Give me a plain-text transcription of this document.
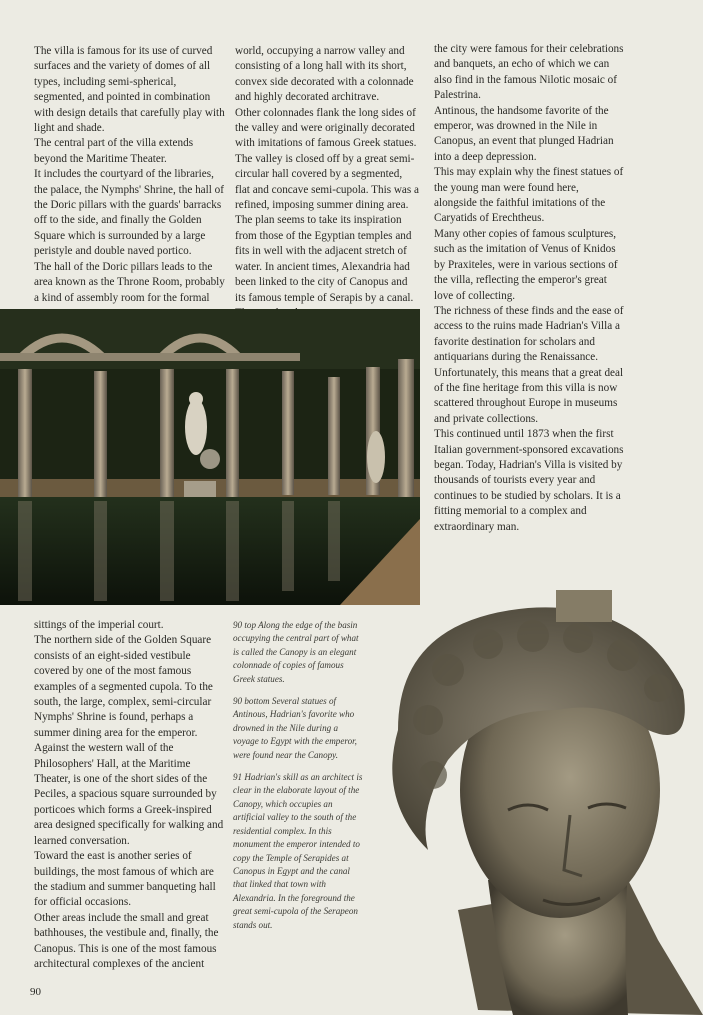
The villa is famous for its use of curved surfaces and the variety of domes of all types, including semi-spherical, segmented, and pointed in combination with design details that carefully play with light and shade.

The central part of the villa extends beyond the Maritime Theater.

It includes the courtyard of the libraries, the palace, the Nymphs' Shrine, the hall of the Doric pillars with the guards' barracks off to the side, and finally the Golden Square which is surrounded by a large peristyle and double naved portico.

The hall of the Doric pillars leads to the area known as the Throne Room, probably a kind of assembly room for the formal

world, occupying a narrow valley and consisting of a long hall with its short, convex side decorated with a colonnade and highly decorated architrave.

Other colonnades flank the long sides of the valley and were originally decorated with imitations of famous Greek statues. The valley is closed off by a great semi-circular hall covered by a segmented, flat and concave semi-cupola. This was a refined, imposing summer dining area.

The plan seems to take its inspiration from those of the Egyptian temples and fits in well with the adjacent stretch of water. In ancient times, Alexandria had been linked to the city of Canopus and its famous temple of Serapis by a canal.

the city were famous for their celebrations and banquets, an echo of which we can also find in the famous Nilotic mosaic of Palestrina.

Antinous, the handsome favorite of the emperor, was drowned in the Nile in Canopus, an event that plunged Hadrian into a deep depression.

This may explain why the finest statues of the young man were found here, alongside the faithful imitations of the Caryatids of Erechtheus.

Many other copies of famous sculptures, such as the imitation of Venus of Knidos by Praxiteles, were in various sections of the villa, reflecting the emperor's great love of collecting.

The richness of these finds and the ease of access to the ruins made Hadrian's Villa a favorite destination for scholars and antiquarians during the Renaissance. Unfortunately, this means that a great deal of the fine heritage from this villa is now scattered throughout Europe in museums and private collections.

This continued until 1873 when the first Italian government-sponsored excavations began. Today, Hadrian's Villa is visited by thousands of tourists every year and continues to be studied by scholars. It is a fitting memorial to a complex and extraordinary man.

sittings of the imperial court.

The northern side of the Golden Square consists of an eight-sided vestibule covered by one of the most famous examples of a segmented cupola. To the south, the large, complex, semi-circular Nymphs' Shrine is found, perhaps a summer dining area for the emperor.

Against the western wall of the Philosophers' Hall, at the Maritime Theater, is one of the short sides of the Peciles, a spacious square surrounded by porticoes which forms a Greek-inspired area designed specifically for walking and learned conversation.

Toward the east is another series of buildings, the most famous of which are the stadium and summer banqueting hall for official occasions.

Other areas include the small and great bathhouses, the vestibule and, finally, the Canopus. This is one of the most famous architectural complexes of the ancient

90 top Along the edge of the basin occupying the central part of what is called the Canopy is an elegant colonnade of copies of famous Greek statues.

90 bottom Several statues of Antinous, Hadrian's favorite who drowned in the Nile during a voyage to Egypt with the emperor, were found near the Canopy.

91 Hadrian's skill as an architect is clear in the elaborate layout of the Canopy, which occupies an artificial valley to the south of the residential complex. In this monument the emperor intended to copy the Temple of Serapides at Canopus in Egypt and the canal that linked that town with Alexandria. In the foreground the great semi-cupola of the Serapeon stands out.

90
